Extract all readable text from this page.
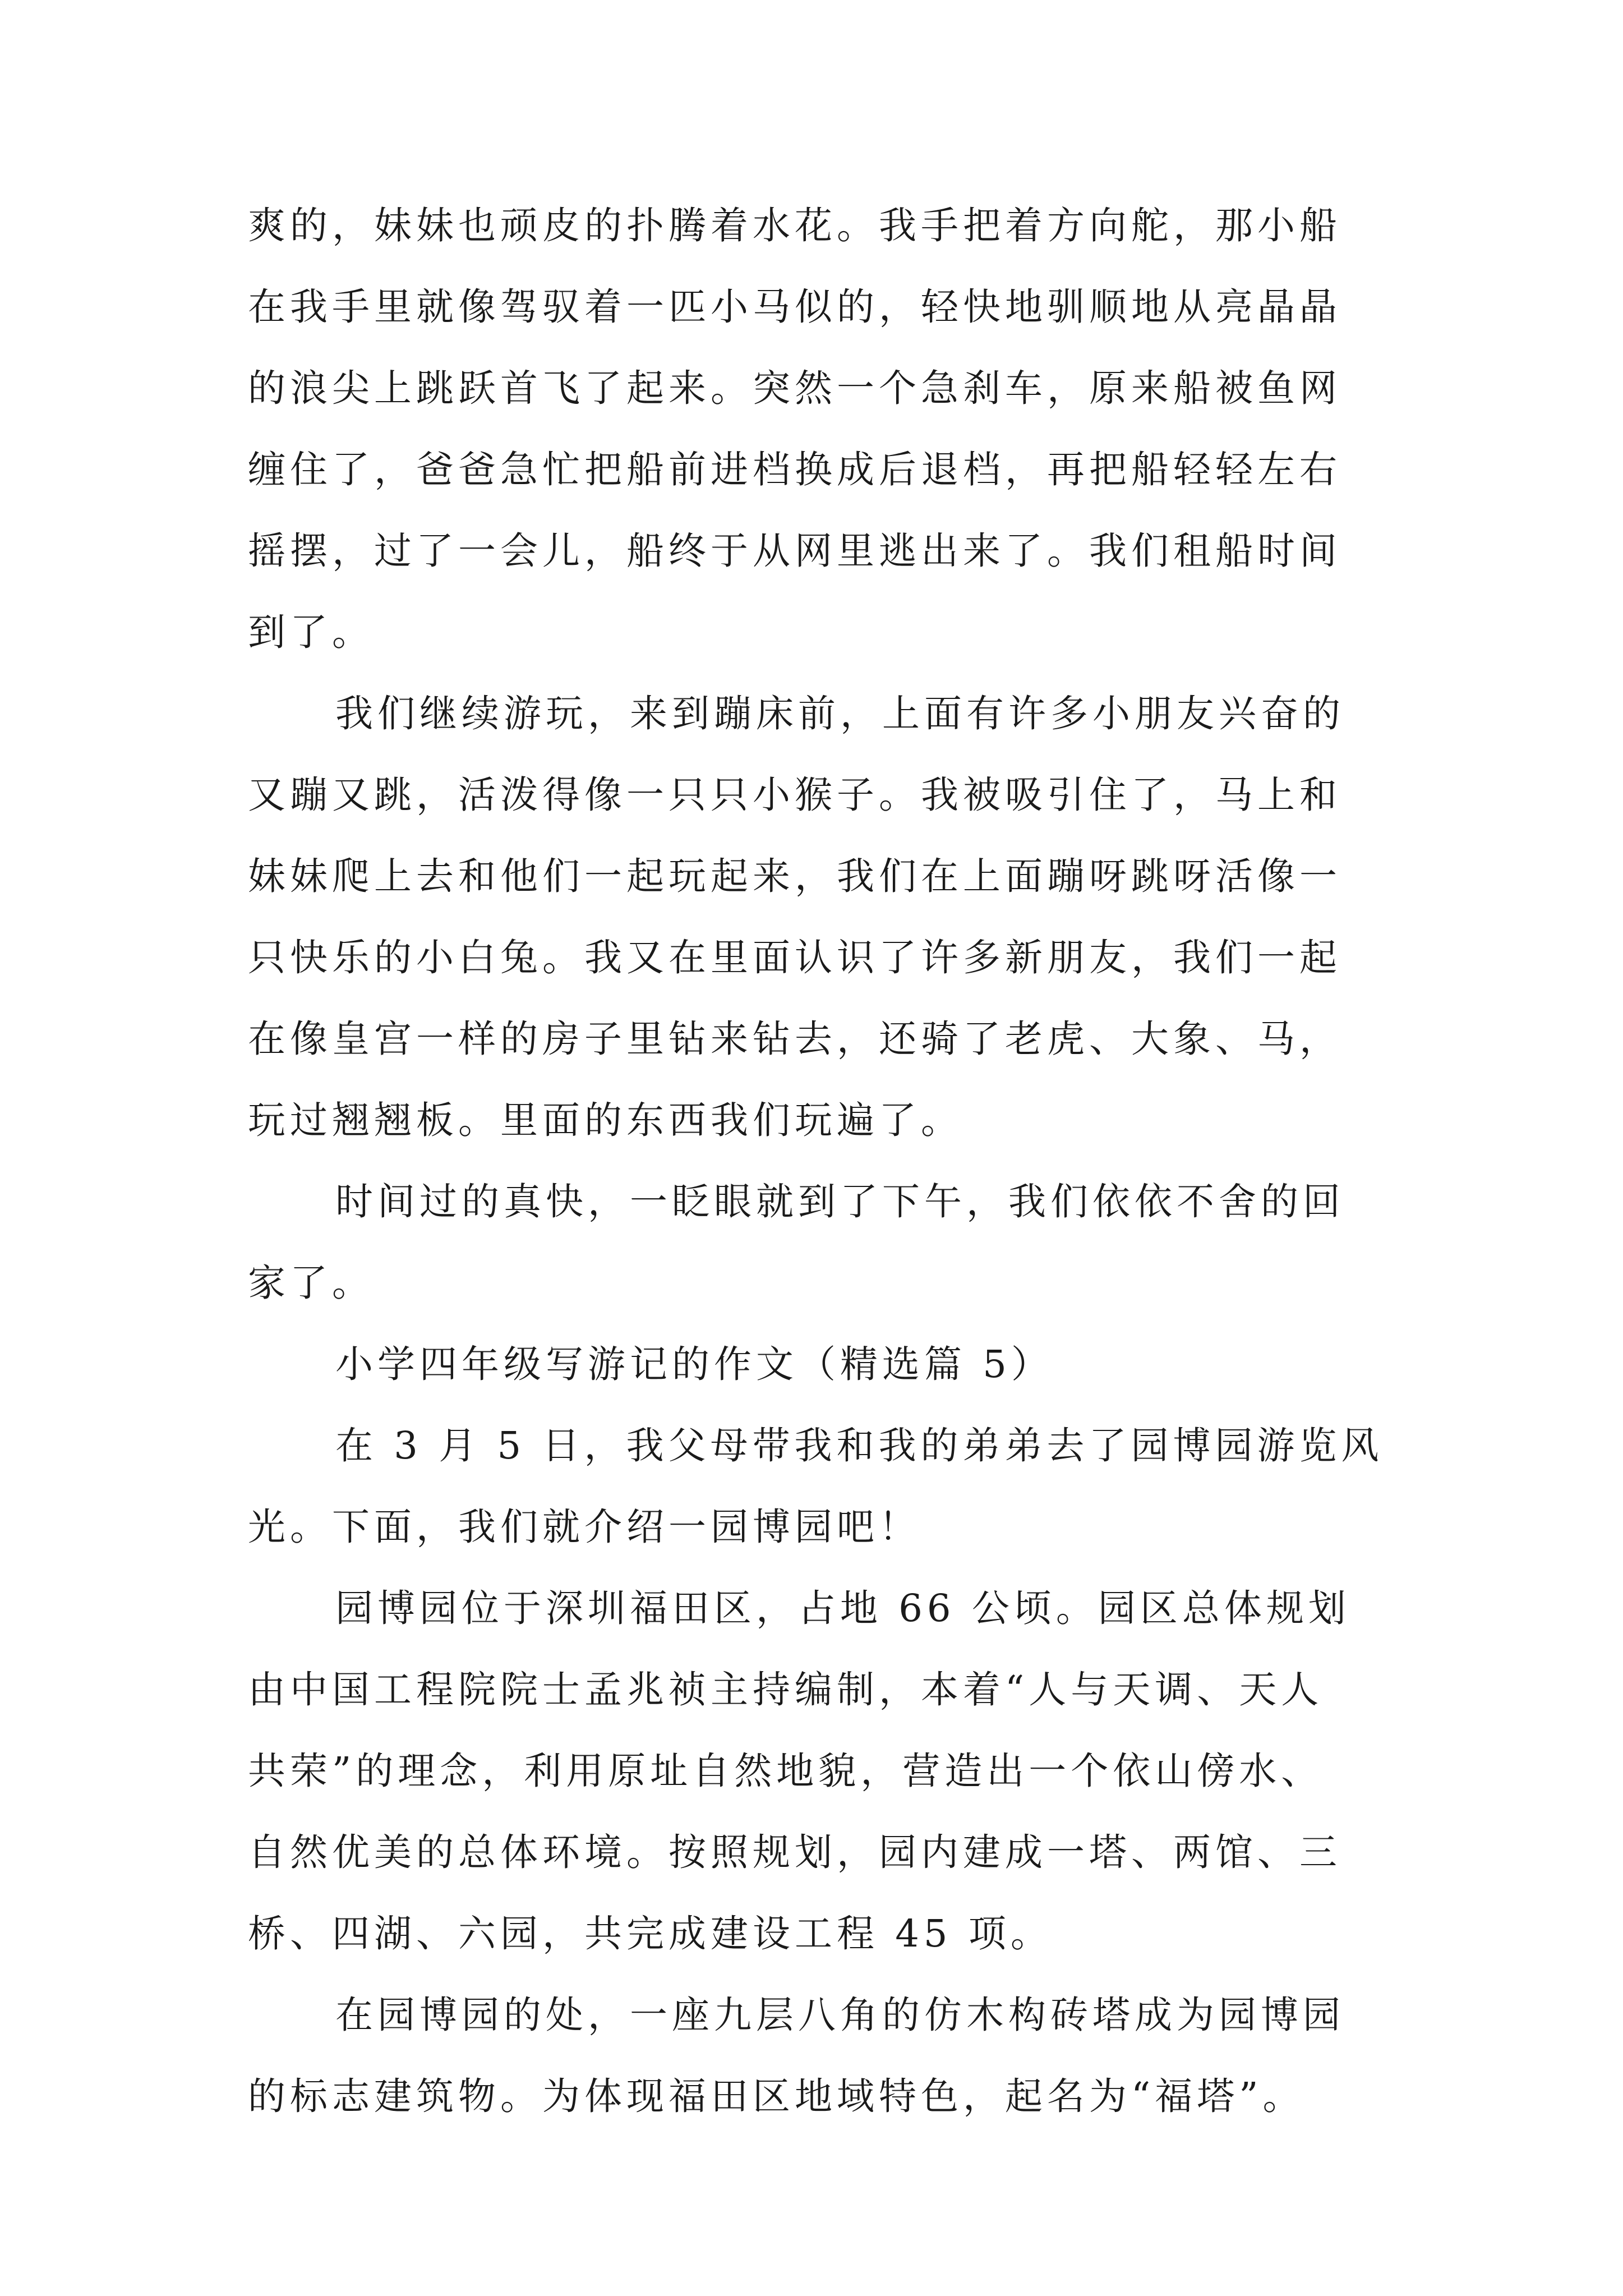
爽的，妹妹也顽皮的扑腾着水花。我手把着方向舵，那小船
在我手里就像驾驭着一匹小马似的，轻快地驯顺地从亮晶晶
的浪尖上跳跃首飞了起来。突然一个急刹车，原来船被鱼网
缠住了，爸爸急忙把船前进档换成后退档，再把船轻轻左右
摇摆，过了一会儿，船终于从网里逃出来了。我们租船时间
到了。

我们继续游玩，来到蹦床前，上面有许多小朋友兴奋的
又蹦又跳，活泼得像一只只小猴子。我被吸引住了，马上和
妹妹爬上去和他们一起玩起来，我们在上面蹦呀跳呀活像一
只快乐的小白兔。我又在里面认识了许多新朋友，我们一起
在像皇宫一样的房子里钻来钻去，还骑了老虎、大象、马，
玩过翘翘板。里面的东西我们玩遍了。

时间过的真快，一眨眼就到了下午，我们依依不舍的回
家了。

小学四年级写游记的作文（精选篇 5）

在 3 月 5 日，我父母带我和我的弟弟去了园博园游览风
光。下面，我们就介绍一园博园吧！

园博园位于深圳福田区，占地 66 公顷。园区总体规划
由中国工程院院士孟兆祯主持编制，本着“人与天调、天人
共荣”的理念，利用原址自然地貌，营造出一个依山傍水、
自然优美的总体环境。按照规划，园内建成一塔、两馆、三
桥、四湖、六园，共完成建设工程 45 项。

在园博园的处，一座九层八角的仿木构砖塔成为园博园
的标志建筑物。为体现福田区地域特色，起名为“福塔”。
